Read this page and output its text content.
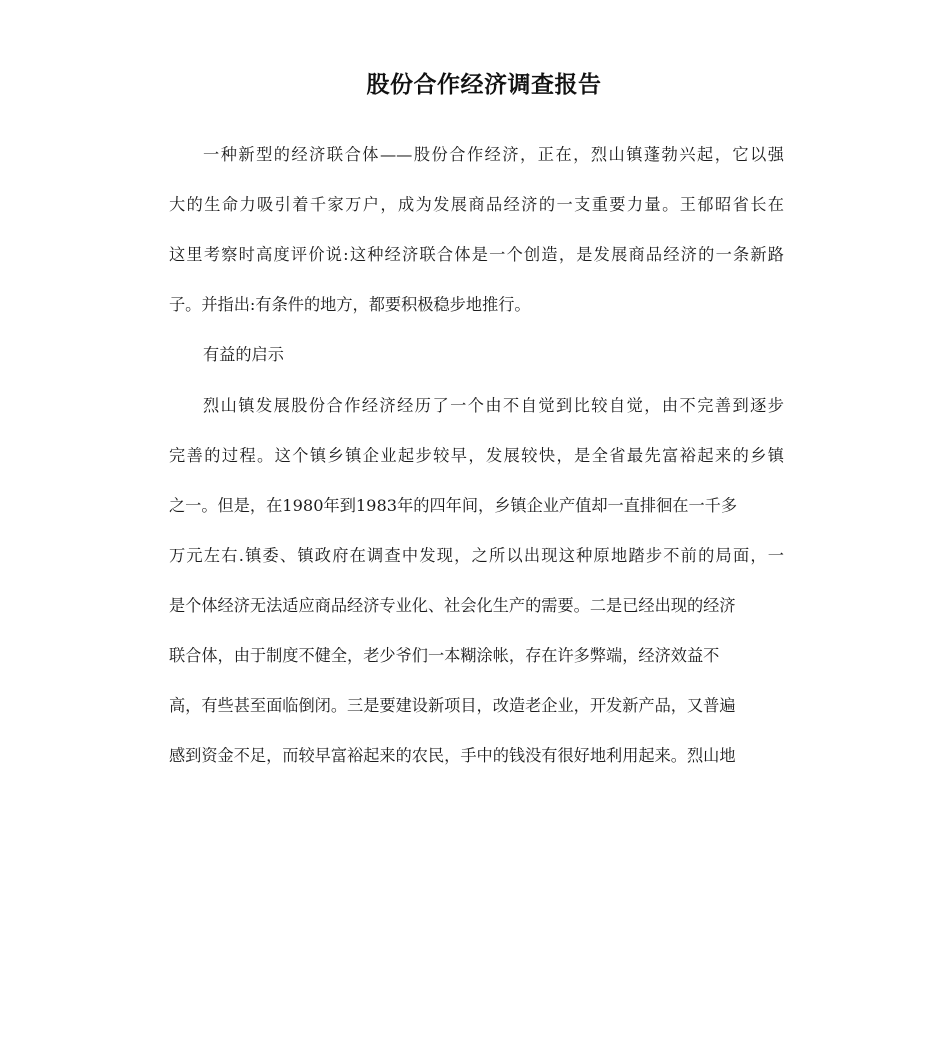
股份合作经济调查报告
一种新型的经济联合体——股份合作经济，正在，烈山镇蓬勃兴起，它以强
大的生命力吸引着千家万户，成为发展商品经济的一支重要力量。王郁昭省长在
这里考察时高度评价说:这种经济联合体是一个创造，是发展商品经济的一条新路
子。并指出:有条件的地方，都要积极稳步地推行。
有益的启示
烈山镇发展股份合作经济经历了一个由不自觉到比较自觉，由不完善到逐步
完善的过程。这个镇乡镇企业起步较早，发展较快，是全省最先富裕起来的乡镇
之一。但是，在1980年到1983年的四年间，乡镇企业产值却一直排徊在一千多
万元左右.镇委、镇政府在调查中发现，之所以出现这种原地踏步不前的局面，一
是个体经济无法适应商品经济专业化、社会化生产的需要。二是已经出现的经济
联合体，由于制度不健全，老少爷们一本糊涂帐，存在许多弊端，经济效益不
高，有些甚至面临倒闭。三是要建设新项目，改造老企业，开发新产品，又普遍
感到资金不足，而较早富裕起来的农民，手中的钱没有很好地利用起来。烈山地
